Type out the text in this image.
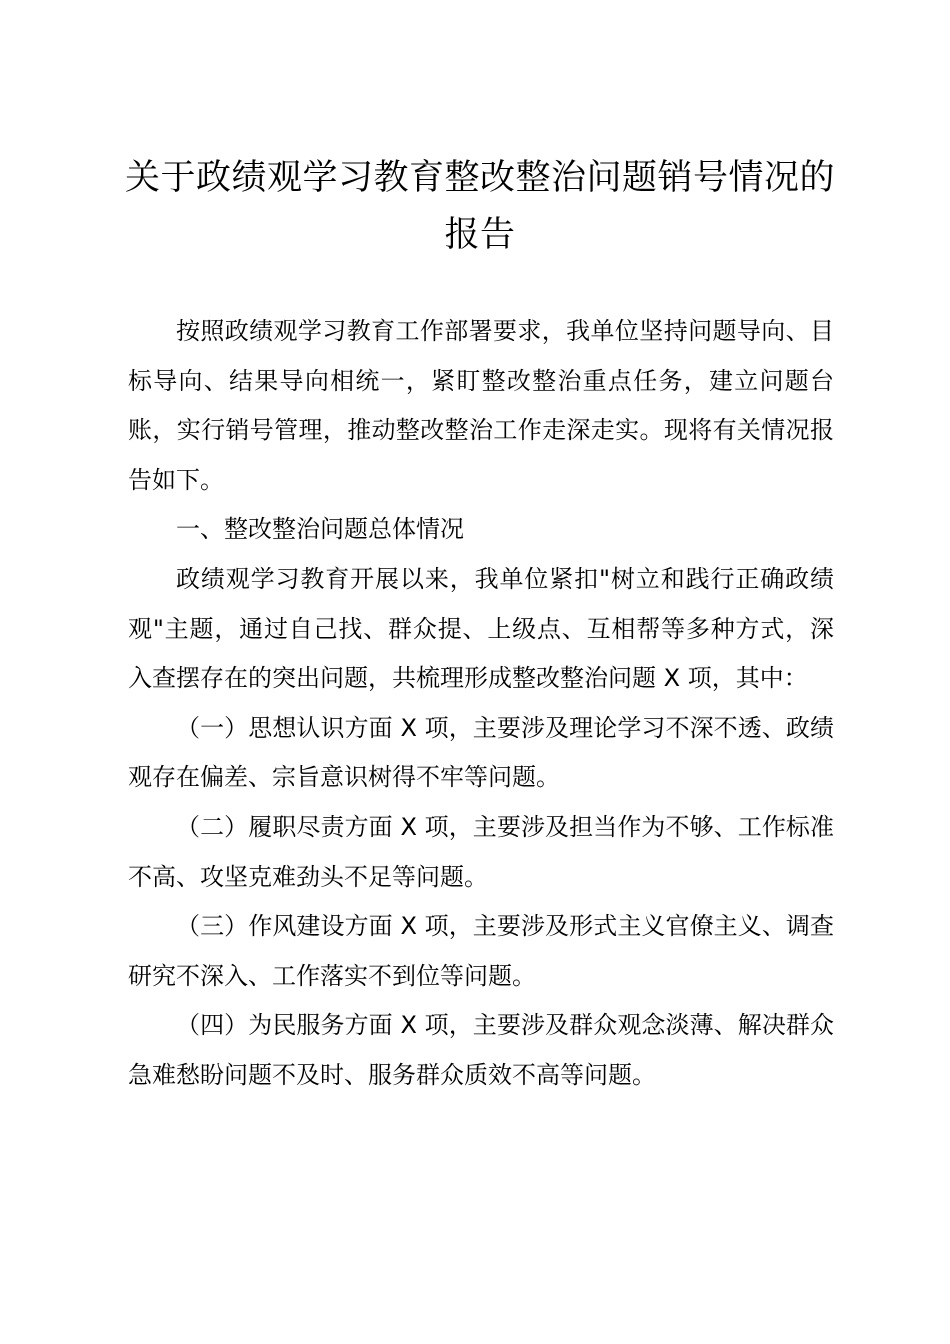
关于政绩观学习教育整改整治问题销号情况的报告

按照政绩观学习教育工作部署要求，我单位坚持问题导向、目标导向、结果导向相统一，紧盯整改整治重点任务，建立问题台账，实行销号管理，推动整改整治工作走深走实。现将有关情况报告如下。

一、整改整治问题总体情况

政绩观学习教育开展以来，我单位紧扣"树立和践行正确政绩观"主题，通过自己找、群众提、上级点、互相帮等多种方式，深入查摆存在的突出问题，共梳理形成整改整治问题 X 项，其中：

（一）思想认识方面 X 项，主要涉及理论学习不深不透、政绩观存在偏差、宗旨意识树得不牢等问题。

（二）履职尽责方面 X 项，主要涉及担当作为不够、工作标准不高、攻坚克难劲头不足等问题。

（三）作风建设方面 X 项，主要涉及形式主义官僚主义、调查研究不深入、工作落实不到位等问题。

（四）为民服务方面 X 项，主要涉及群众观念淡薄、解决群众急难愁盼问题不及时、服务群众质效不高等问题。
